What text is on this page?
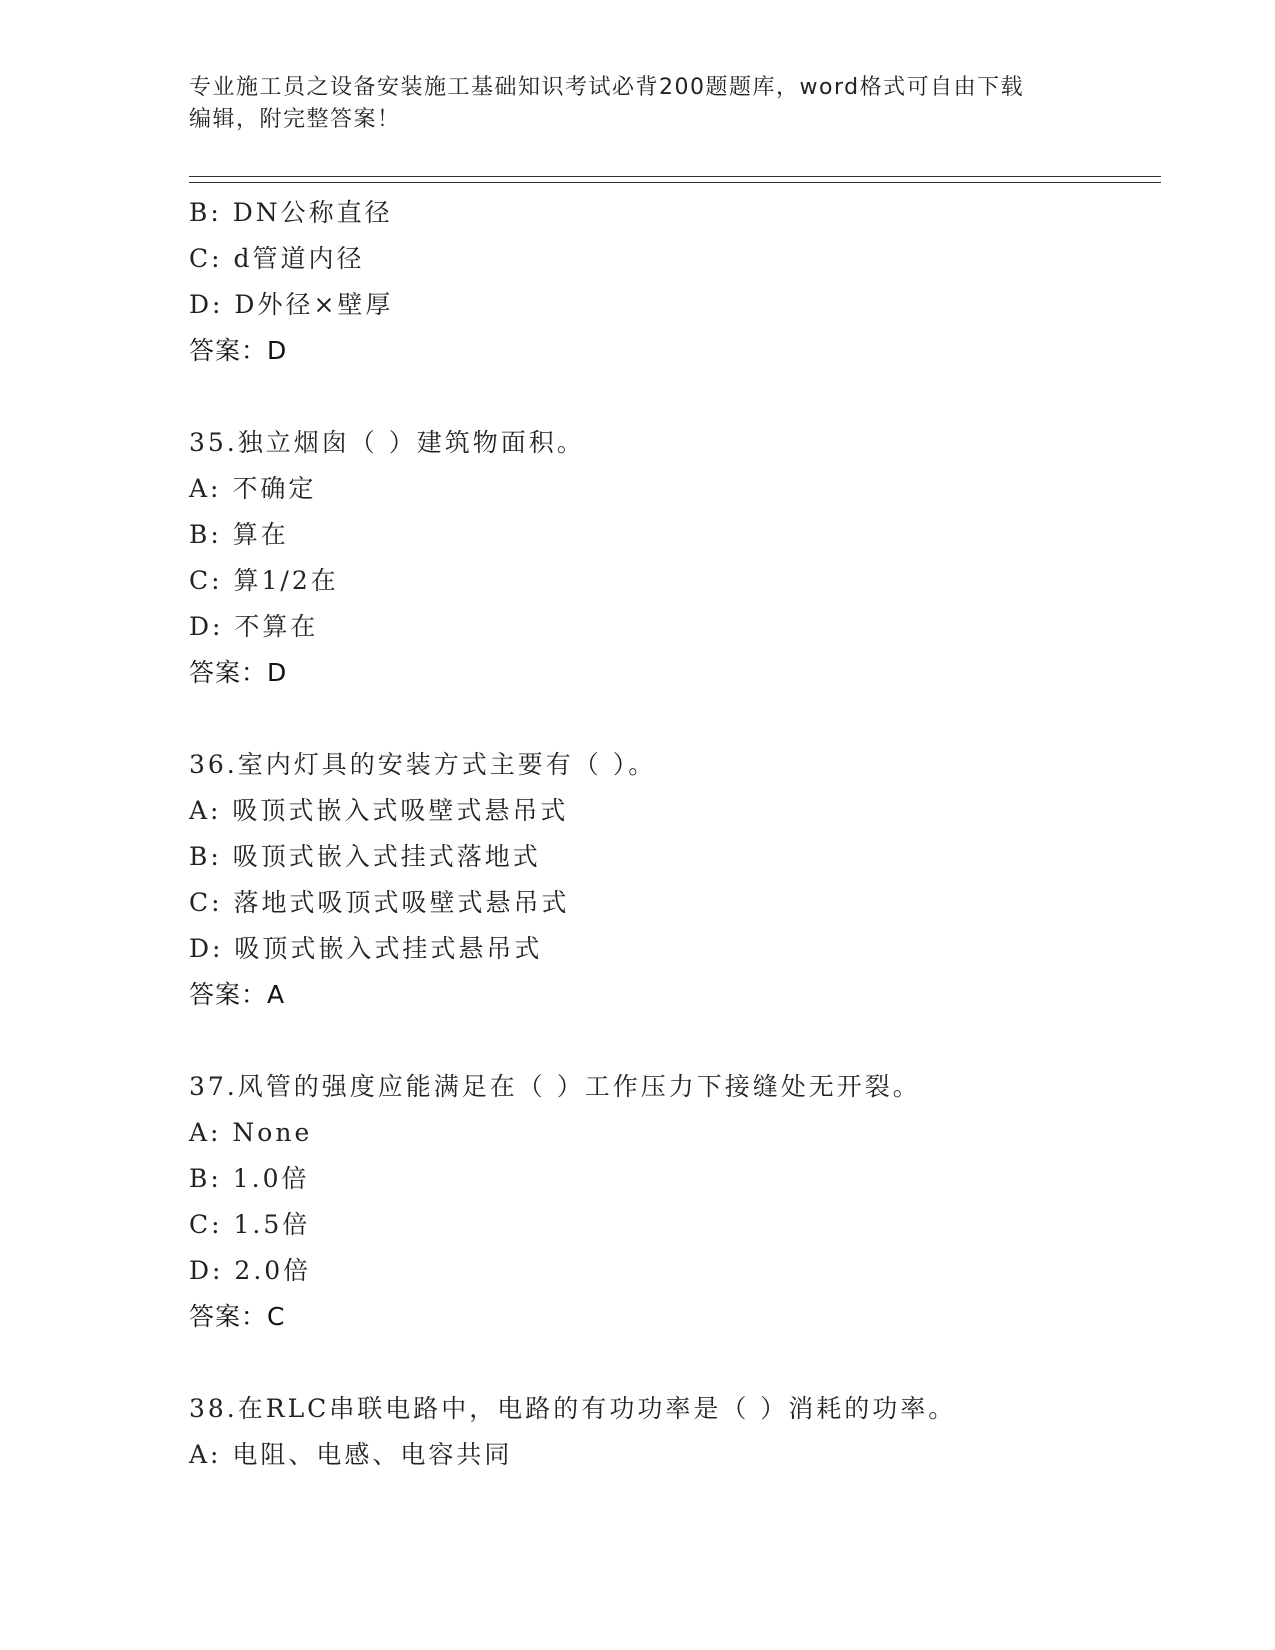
专业施工员之设备安装施工基础知识考试必背200题题库，word格式可自由下载
编辑，附完整答案！
B: DN公称直径
C: d管道内径
D: D外径×壁厚
答案：D
35.独立烟囱（ ）建筑物面积。
A: 不确定
B: 算在
C: 算1/2在
D: 不算在
答案：D
36.室内灯具的安装方式主要有（ ）。
A: 吸顶式嵌入式吸壁式悬吊式
B: 吸顶式嵌入式挂式落地式
C: 落地式吸顶式吸壁式悬吊式
D: 吸顶式嵌入式挂式悬吊式
答案：A
37.风管的强度应能满足在（ ）工作压力下接缝处无开裂。
A: None
B: 1.0倍
C: 1.5倍
D: 2.0倍
答案：C
38.在RLC串联电路中，电路的有功功率是（ ）消耗的功率。
A: 电阻、电感、电容共同
